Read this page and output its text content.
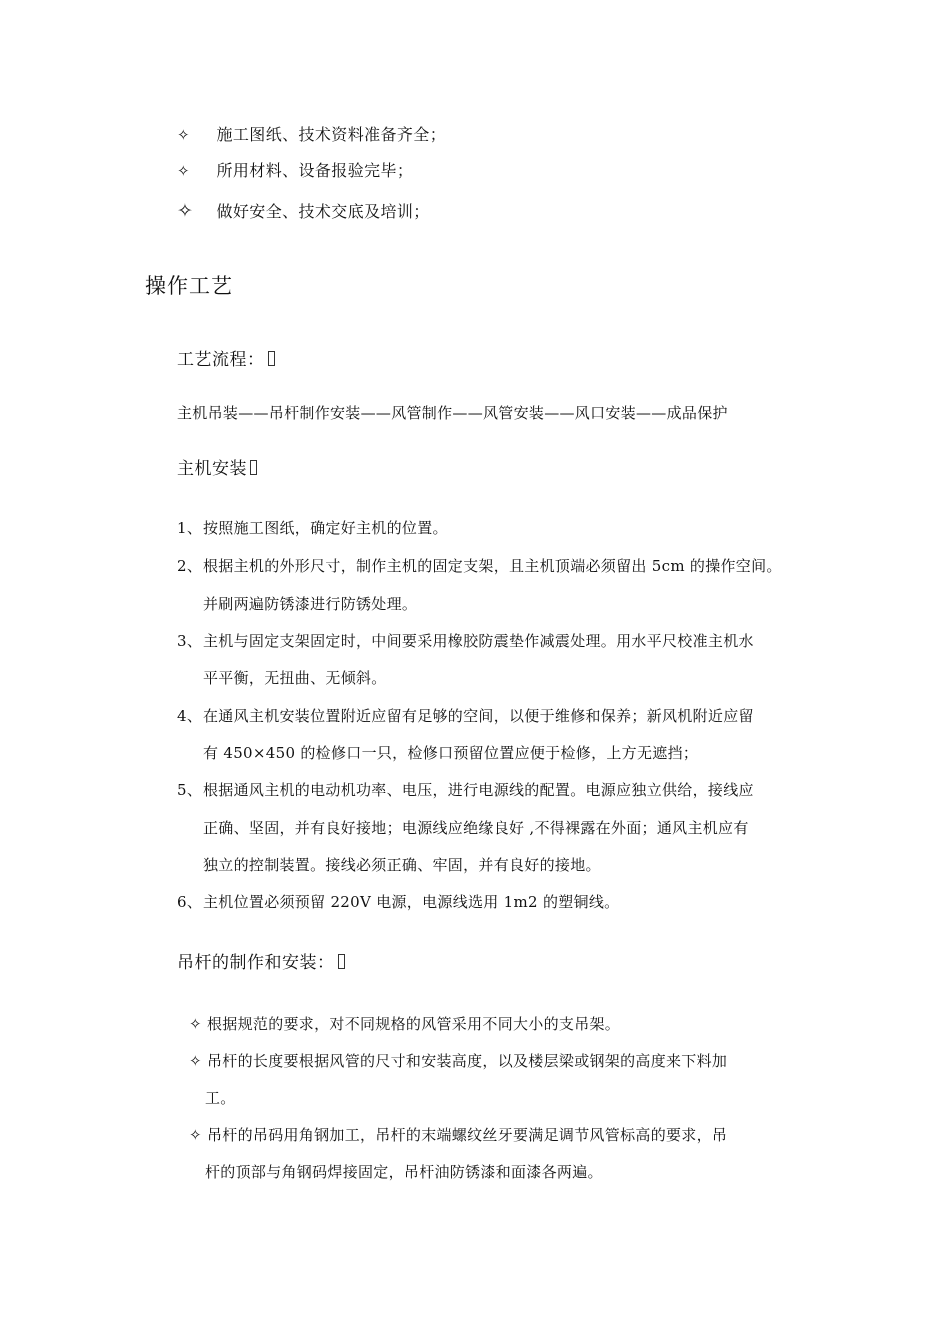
✧ 施工图纸、技术资料准备齐全；
✧ 所用材料、设备报验完毕；
✧ 做好安全、技术交底及培训；
操作工艺
工艺流程：
主机吊装——吊杆制作安装——风管制作——风管安装——风口安装——成品保护
主机安装
1、按照施工图纸，确定好主机的位置。
2、根据主机的外形尺寸，制作主机的固定支架，且主机顶端必须留出 5cm 的操作空间。
并刷两遍防锈漆进行防锈处理。
3、主机与固定支架固定时，中间要采用橡胶防震垫作减震处理。用水平尺校准主机水
平平衡，无扭曲、无倾斜。
4、在通风主机安装位置附近应留有足够的空间，以便于维修和保养；新风机附近应留
有 450×450 的检修口一只，检修口预留位置应便于检修，上方无遮挡；
5、根据通风主机的电动机功率、电压，进行电源线的配置。电源应独立供给，接线应
正确、坚固，并有良好接地；电源线应绝缘良好 ,不得裸露在外面；通风主机应有
独立的控制装置。接线必须正确、牢固，并有良好的接地。
6、主机位置必须预留 220V 电源，电源线选用 1m2 的塑铜线。
吊杆的制作和安装：
✧ 根据规范的要求，对不同规格的风管采用不同大小的支吊架。
✧ 吊杆的长度要根据风管的尺寸和安装高度，以及楼层梁或钢架的高度来下料加
工。
✧ 吊杆的吊码用角钢加工，吊杆的末端螺纹丝牙要满足调节风管标高的要求，吊
杆的顶部与角钢码焊接固定，吊杆油防锈漆和面漆各两遍。
